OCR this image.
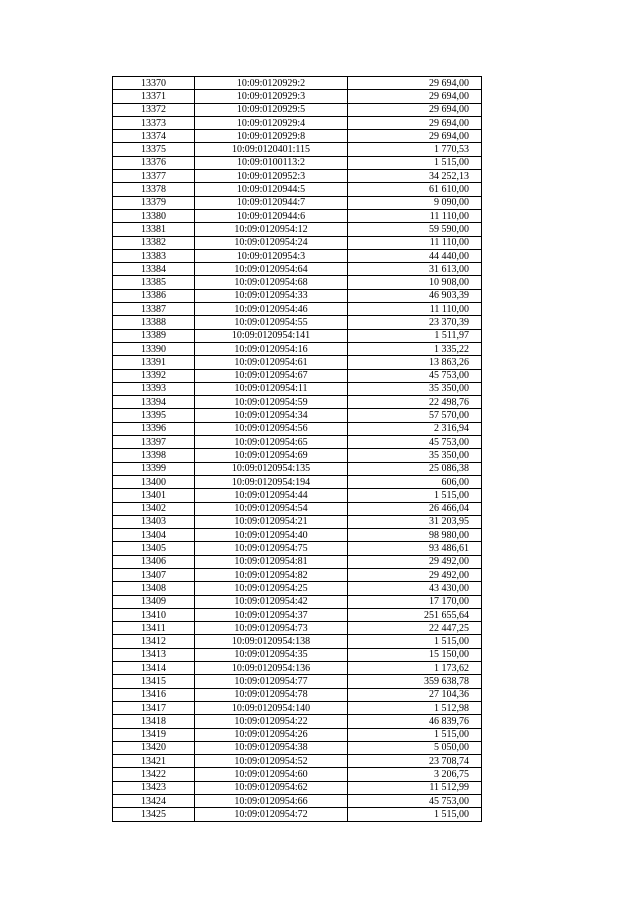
13370	10:09:0120929:2	29 694,00
13371	10:09:0120929:3	29 694,00
13372	10:09:0120929:5	29 694,00
13373	10:09:0120929:4	29 694,00
13374	10:09:0120929:8	29 694,00
13375	10:09:0120401:115	1 770,53
13376	10:09:0100113:2	1 515,00
13377	10:09:0120952:3	34 252,13
13378	10:09:0120944:5	61 610,00
13379	10:09:0120944:7	9 090,00
13380	10:09:0120944:6	11 110,00
13381	10:09:0120954:12	59 590,00
13382	10:09:0120954:24	11 110,00
13383	10:09:0120954:3	44 440,00
13384	10:09:0120954:64	31 613,00
13385	10:09:0120954:68	10 908,00
13386	10:09:0120954:33	46 903,39
13387	10:09:0120954:46	11 110,00
13388	10:09:0120954:55	23 370,39
13389	10:09:0120954:141	1 511,97
13390	10:09:0120954:16	1 335,22
13391	10:09:0120954:61	13 863,26
13392	10:09:0120954:67	45 753,00
13393	10:09:0120954:11	35 350,00
13394	10:09:0120954:59	22 498,76
13395	10:09:0120954:34	57 570,00
13396	10:09:0120954:56	2 316,94
13397	10:09:0120954:65	45 753,00
13398	10:09:0120954:69	35 350,00
13399	10:09:0120954:135	25 086,38
13400	10:09:0120954:194	606,00
13401	10:09:0120954:44	1 515,00
13402	10:09:0120954:54	26 466,04
13403	10:09:0120954:21	31 203,95
13404	10:09:0120954:40	98 980,00
13405	10:09:0120954:75	93 486,61
13406	10:09:0120954:81	29 492,00
13407	10:09:0120954:82	29 492,00
13408	10:09:0120954:25	43 430,00
13409	10:09:0120954:42	17 170,00
13410	10:09:0120954:37	251 655,64
13411	10:09:0120954:73	22 447,25
13412	10:09:0120954:138	1 515,00
13413	10:09:0120954:35	15 150,00
13414	10:09:0120954:136	1 173,62
13415	10:09:0120954:77	359 638,78
13416	10:09:0120954:78	27 104,36
13417	10:09:0120954:140	1 512,98
13418	10:09:0120954:22	46 839,76
13419	10:09:0120954:26	1 515,00
13420	10:09:0120954:38	5 050,00
13421	10:09:0120954:52	23 708,74
13422	10:09:0120954:60	3 206,75
13423	10:09:0120954:62	11 512,99
13424	10:09:0120954:66	45 753,00
13425	10:09:0120954:72	1 515,00
